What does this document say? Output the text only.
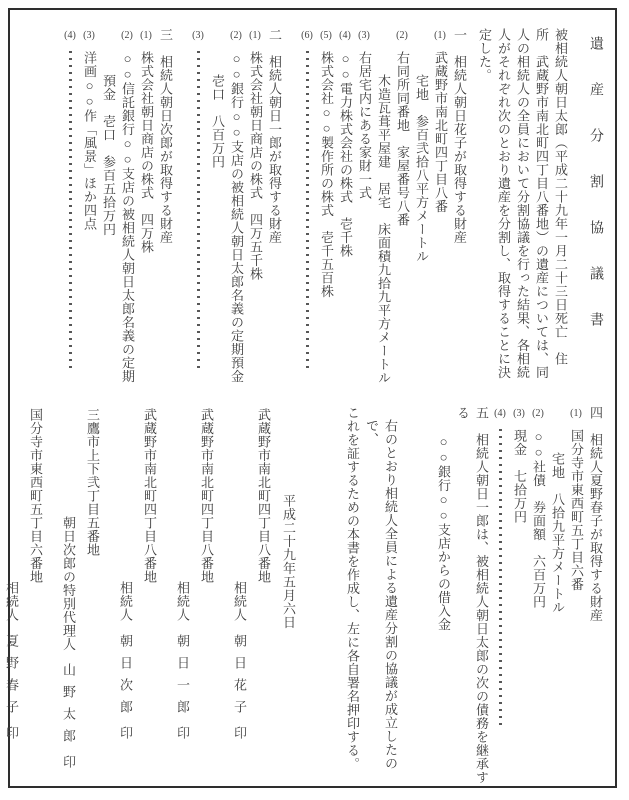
遺産分割協議書
被相続人朝日太郎（平成二十九年一月二十三日死亡　住
所　武蔵野市南北町四丁目八番地）の遺産については、同
人の相続人の全員において分割協議を行った結果、各相続
人がそれぞれ次のとおり遺産を分割し、取得することに決
定した。
一相続人朝日花子が取得する財産
(1)武蔵野市南北町四丁目八番
宅地　参百弐拾八平方メートル
(2)右同所同番地　家屋番号八番
木造瓦葺平屋建　居宅　床面積九拾九平方メートル
(3)右居宅内にある家財一式
(4)○○電力株式会社の株式　壱千株
(5)株式会社○○製作所の株式　壱千五百株
(6)
二相続人朝日一郎が取得する財産
(1)株式会社朝日商店の株式　四万五千株
(2)○○銀行○○支店の被相続人朝日太郎名義の定期預金
壱口　八百万円
(3)
三相続人朝日次郎が取得する財産
(1)株式会社朝日商店の株式　四万株
(2)○○信託銀行○○支店の被相続人朝日太郎名義の定期
預金　壱口　参百五拾万円
(3)洋画○○作「風景」ほか四点
(4)
四相続人夏野春子が取得する財産
(1)国分寺市東西町五丁目六番
宅地　八拾九平方メートル
(2)○○社債　券面額　六百万円
(3)現金　七拾万円
(4)
五相続人朝日一郎は、被相続人朝日太郎の次の債務を継承する
○○銀行○○支店からの借入金
右のとおり相続人全員による遺産分割の協議が成立したので、
これを証するための本書を作成し、左に各自署名押印する。
平成二十九年五月六日
武蔵野市南北町四丁目八番地
相続人朝日花子印
武蔵野市南北町四丁目八番地
相続人朝日一郎印
武蔵野市南北町四丁目八番地
相続人朝日次郎印
三鷹市上下弐丁目五番地
朝日次郎の特別代理人山野太郎印
国分寺市東西町五丁目六番地
相続人夏野春子印
